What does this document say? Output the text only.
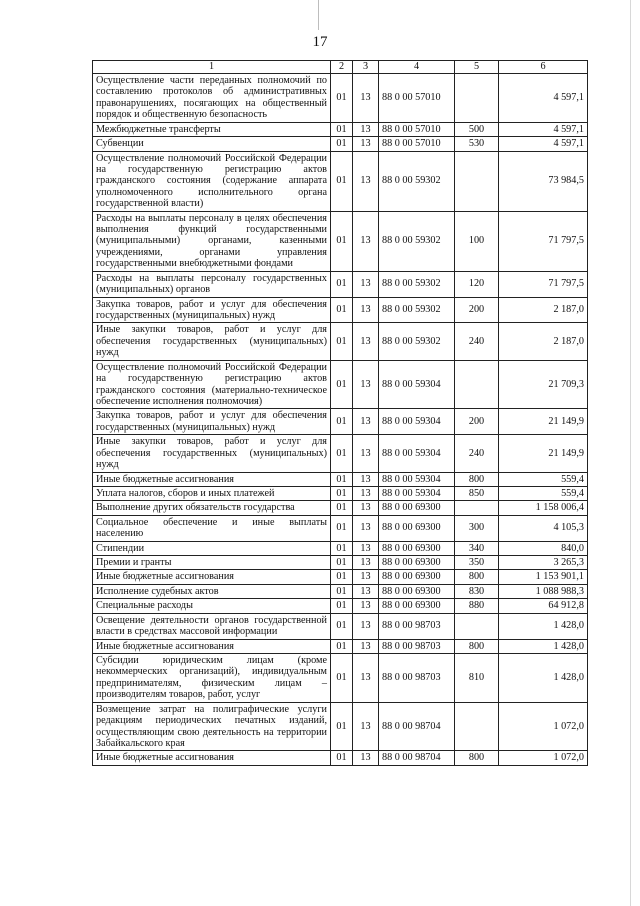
17
1	2	3	4	5	6
Осуществление части переданных полномочий по составлению протоколов об административных правонарушениях, посягающих на общественный порядок и общественную безопасность	01	13	88 0 00 57010		4 597,1
Межбюджетные трансферты	01	13	88 0 00 57010	500	4 597,1
Субвенции	01	13	88 0 00 57010	530	4 597,1
Осуществление полномочий Российской Федерации на государственную регистрацию актов гражданского состояния (содержание аппарата уполномоченного исполнительного органа государственной власти)	01	13	88 0 00 59302		73 984,5
Расходы на выплаты персоналу в целях обеспечения выполнения функций государственными (муниципальными) органами, казенными учреждениями, органами управления государственными внебюджетными фондами	01	13	88 0 00 59302	100	71 797,5
Расходы на выплаты персоналу государственных (муниципальных) органов	01	13	88 0 00 59302	120	71 797,5
Закупка товаров, работ и услуг для обеспечения государственных (муниципальных) нужд	01	13	88 0 00 59302	200	2 187,0
Иные закупки товаров, работ и услуг для обеспечения государственных (муниципальных) нужд	01	13	88 0 00 59302	240	2 187,0
Осуществление полномочий Российской Федерации на государственную регистрацию актов гражданского состояния (материально-техническое обеспечение исполнения полномочия)	01	13	88 0 00 59304		21 709,3
Закупка товаров, работ и услуг для обеспечения государственных (муниципальных) нужд	01	13	88 0 00 59304	200	21 149,9
Иные закупки товаров, работ и услуг для обеспечения государственных (муниципальных) нужд	01	13	88 0 00 59304	240	21 149,9
Иные бюджетные ассигнования	01	13	88 0 00 59304	800	559,4
Уплата налогов, сборов и иных платежей	01	13	88 0 00 59304	850	559,4
Выполнение других обязательств государства	01	13	88 0 00 69300		1 158 006,4
Социальное обеспечение и иные выплаты населению	01	13	88 0 00 69300	300	4 105,3
Стипендии	01	13	88 0 00 69300	340	840,0
Премии и гранты	01	13	88 0 00 69300	350	3 265,3
Иные бюджетные ассигнования	01	13	88 0 00 69300	800	1 153 901,1
Исполнение судебных актов	01	13	88 0 00 69300	830	1 088 988,3
Специальные расходы	01	13	88 0 00 69300	880	64 912,8
Освещение деятельности органов государственной власти в средствах массовой информации	01	13	88 0 00 98703		1 428,0
Иные бюджетные ассигнования	01	13	88 0 00 98703	800	1 428,0
Субсидии юридическим лицам (кроме некоммерческих организаций), индивидуальным предпринимателям, физическим лицам – производителям товаров, работ, услуг	01	13	88 0 00 98703	810	1 428,0
Возмещение затрат на полиграфические услуги редакциям периодических печатных изданий, осуществляющим свою деятельность на территории Забайкальского края	01	13	88 0 00 98704		1 072,0
Иные бюджетные ассигнования	01	13	88 0 00 98704	800	1 072,0
